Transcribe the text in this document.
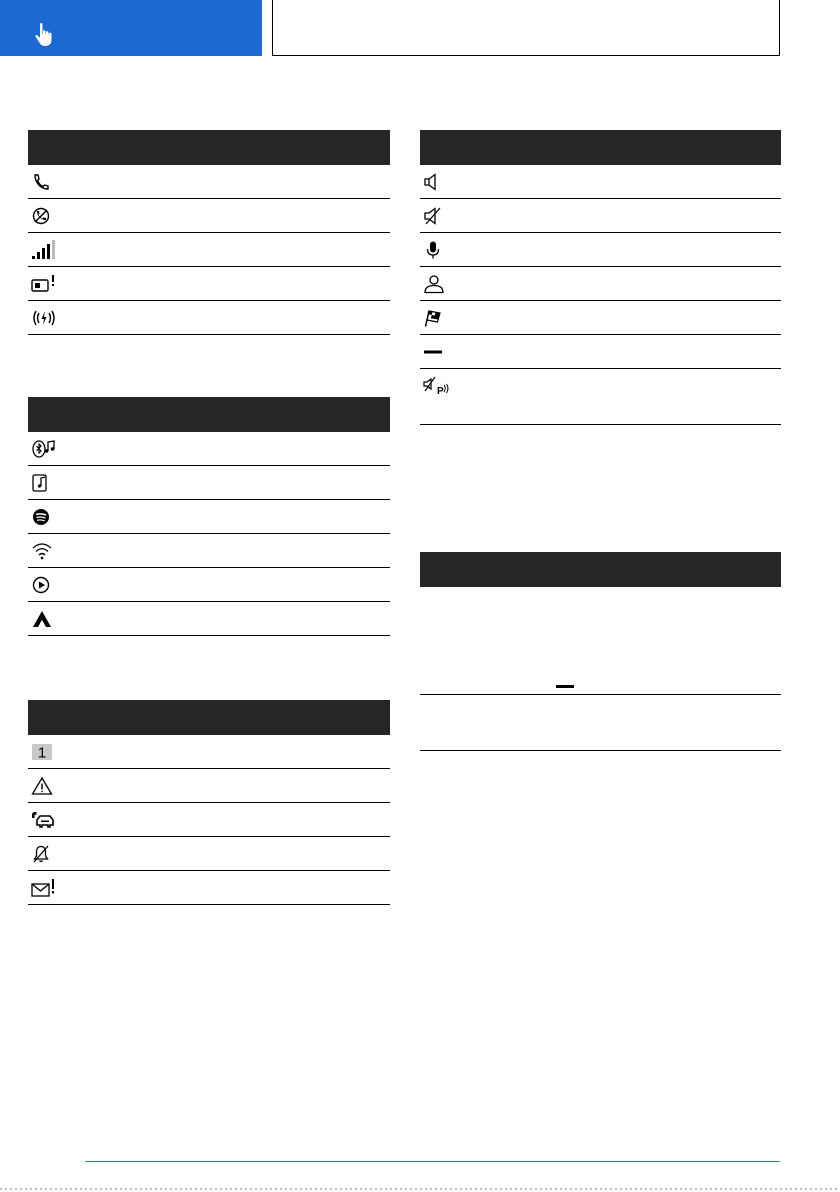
1
P
